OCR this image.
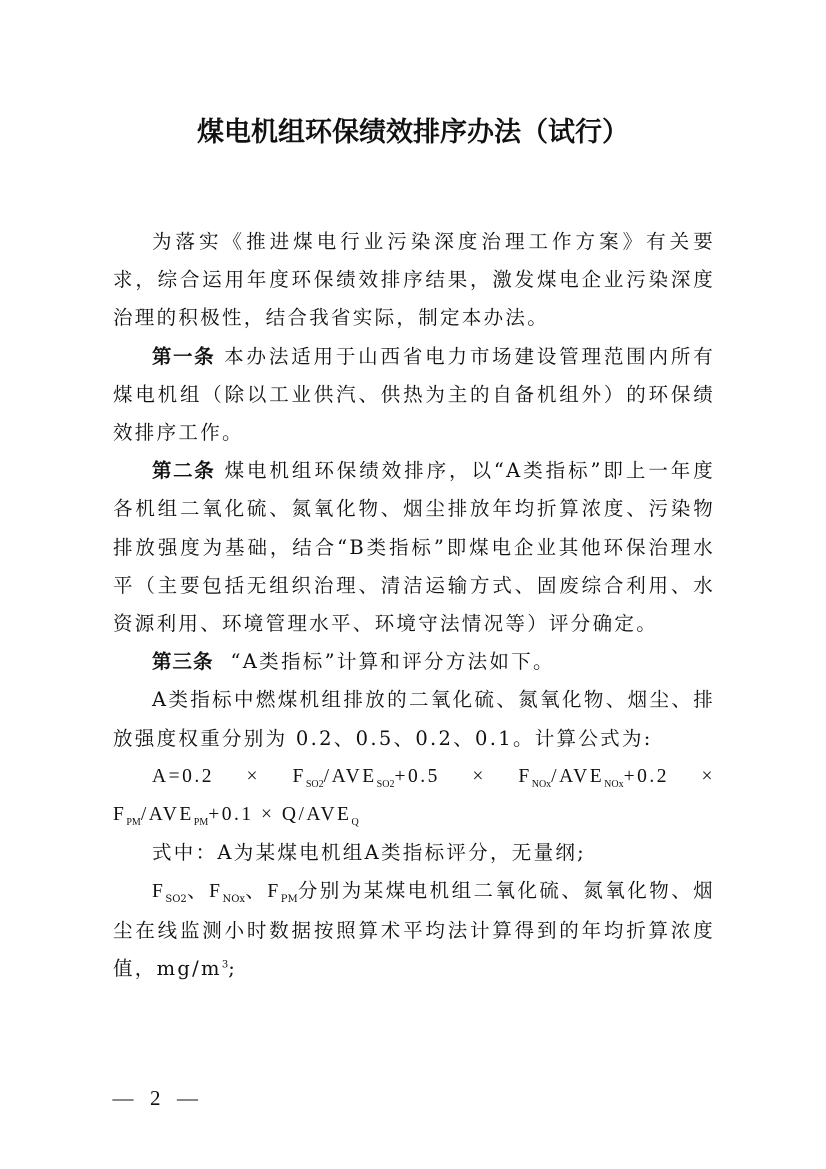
煤电机组环保绩效排序办法（试行）

为落实《推进煤电行业污染深度治理工作方案》有关要求，综合运用年度环保绩效排序结果，激发煤电企业污染深度治理的积极性，结合我省实际，制定本办法。

第一条 本办法适用于山西省电力市场建设管理范围内所有煤电机组（除以工业供汽、供热为主的自备机组外）的环保绩效排序工作。

第二条 煤电机组环保绩效排序，以“A类指标”即上一年度各机组二氧化硫、氮氧化物、烟尘排放年均折算浓度、污染物排放强度为基础，结合“B类指标”即煤电企业其他环保治理水平（主要包括无组织治理、清洁运输方式、固废综合利用、水资源利用、环境管理水平、环境守法情况等）评分确定。

第三条 “A类指标”计算和评分方法如下。

A类指标中燃煤机组排放的二氧化硫、氮氧化物、烟尘、排放强度权重分别为 0.2、0.5、0.2、0.1。计算公式为:

$A=0.2 \times F_{SO2}/AVE_{SO2}+0.5 \times F_{NOx}/AVE_{NOx}+0.2 \times F_{PM}/AVE_{PM}+0.1 \times Q/AVE_Q$

式中：A为某煤电机组A类指标评分，无量纲;

$F_{SO2}$、$F_{NOx}$、$F_{PM}$分别为某煤电机组二氧化硫、氮氧化物、烟尘在线监测小时数据按照算术平均法计算得到的年均折算浓度值，$mg/m^3$;

— 2 —
